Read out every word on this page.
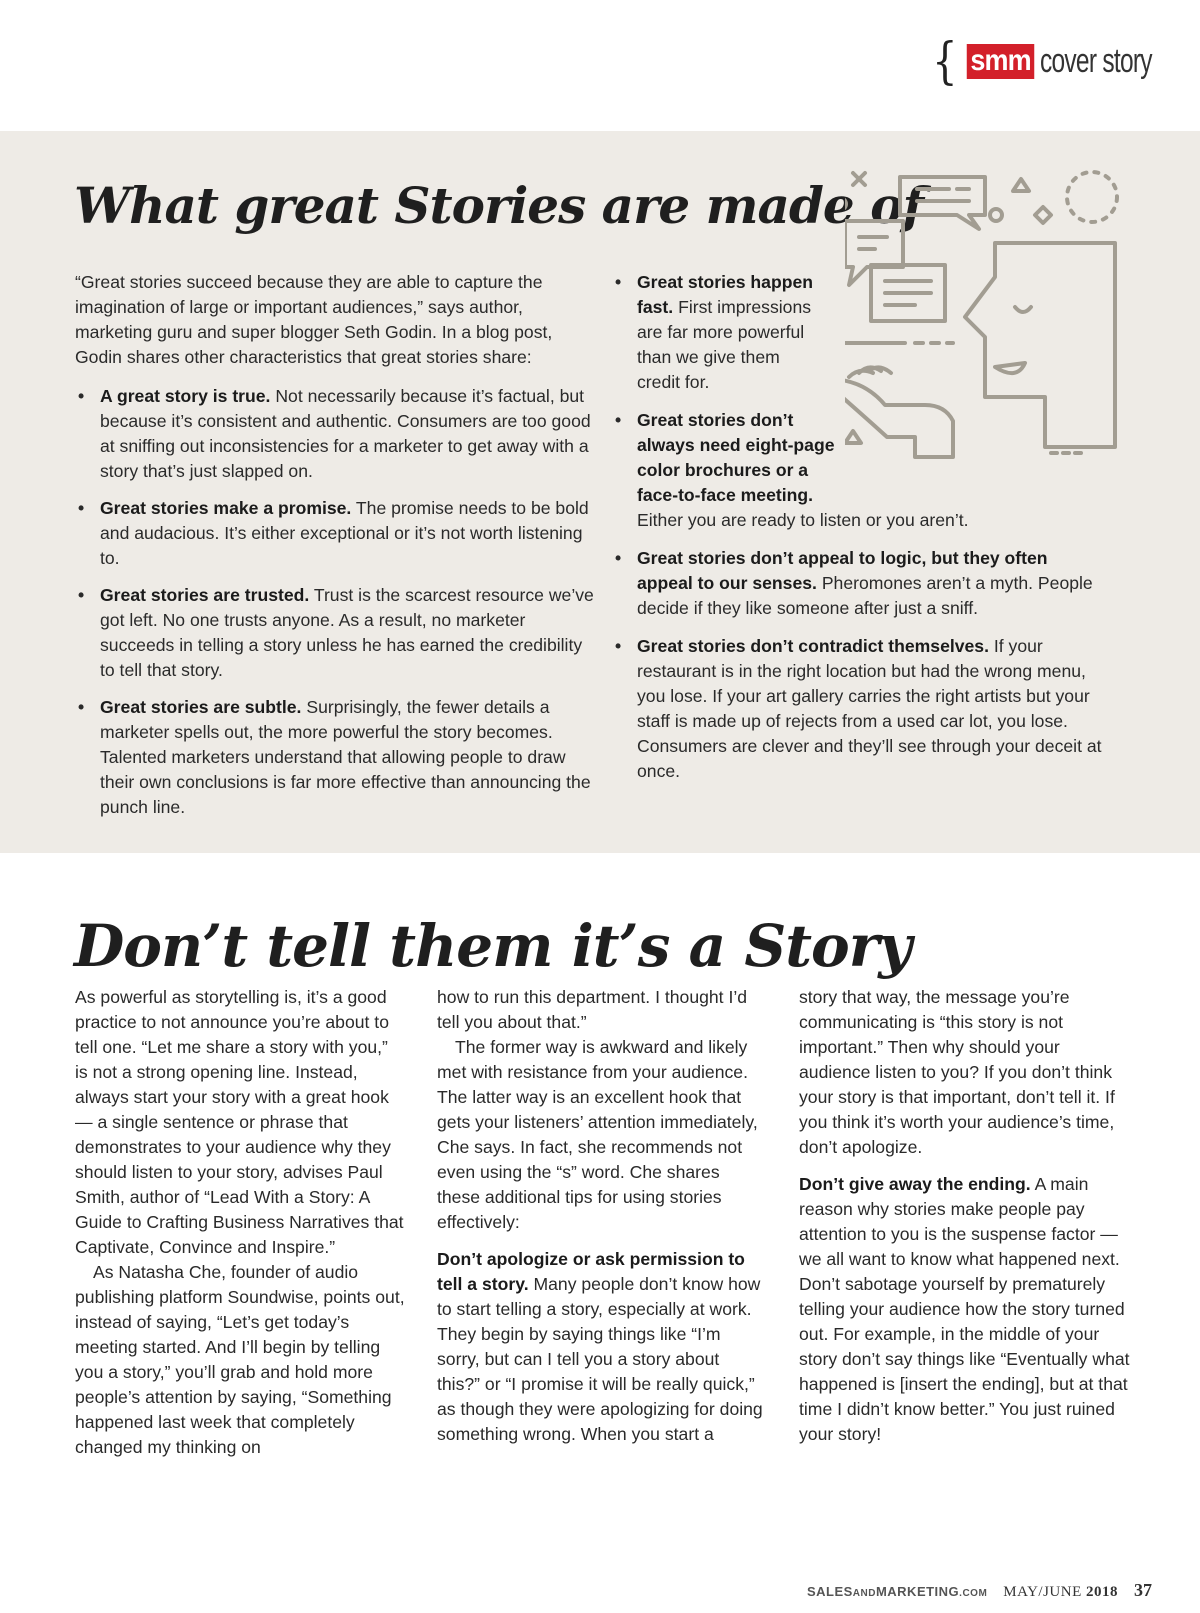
{ smm cover story
What great Stories are made of

“Great stories succeed because they are able to capture the imagination of large or important audiences,” says author, marketing guru and super blogger Seth Godin. In a blog post, Godin shares other characteristics that great stories share:

• A great story is true. Not necessarily because it’s factual, but because it’s consistent and authentic. Consumers are too good at sniffing out inconsistencies for a marketer to get away with a story that’s just slapped on.
• Great stories make a promise. The promise needs to be bold and audacious. It’s either exceptional or it’s not worth listening to.
• Great stories are trusted. Trust is the scarcest resource we’ve got left. No one trusts anyone. As a result, no marketer succeeds in telling a story unless he has earned the credibility to tell that story.
• Great stories are subtle. Surprisingly, the fewer details a marketer spells out, the more powerful the story becomes. Talented marketers understand that allowing people to draw their own conclusions is far more effective than announcing the punch line.
• Great stories happen fast. First impressions are far more powerful than we give them credit for.
• Great stories don’t always need eight-page color brochures or a face-to-face meeting.
Either you are ready to listen or you aren’t.
• Great stories don’t appeal to logic, but they often appeal to our senses. Pheromones aren’t a myth. People decide if they like someone after just a sniff.
• Great stories don’t contradict themselves. If your restaurant is in the right location but had the wrong menu, you lose. If your art gallery carries the right artists but your staff is made up of rejects from a used car lot, you lose. Consumers are clever and they’ll see through your deceit at once.
Don’t tell them it’s a Story

As powerful as storytelling is, it’s a good practice to not announce you’re about to tell one. “Let me share a story with you,” is not a strong opening line. Instead, always start your story with a great hook — a single sentence or phrase that demonstrates to your audience why they should listen to your story, advises Paul Smith, author of “Lead With a Story: A Guide to Crafting Business Narratives that Captivate, Convince and Inspire.”

As Natasha Che, founder of audio publishing platform Soundwise, points out, instead of saying, “Let’s get today’s meeting started. And I’ll begin by telling you a story,” you’ll grab and hold more people’s attention by saying, “Something happened last week that completely changed my thinking on

how to run this department. I thought I’d tell you about that.”

The former way is awkward and likely met with resistance from your audience. The latter way is an excellent hook that gets your listeners’ attention immediately, Che says. In fact, she recommends not even using the “s” word. Che shares these additional tips for using stories effectively:

Don’t apologize or ask permission to tell a story. Many people don’t know how to start telling a story, especially at work. They begin by saying things like “I’m sorry, but can I tell you a story about this?” or “I promise it will be really quick,” as though they were apologizing for doing something wrong. When you start a

story that way, the message you’re communicating is “this story is not important.” Then why should your audience listen to you? If you don’t think your story is that important, don’t tell it. If you think it’s worth your audience’s time, don’t apologize.

Don’t give away the ending. A main reason why stories make people pay attention to you is the suspense factor — we all want to know what happened next. Don’t sabotage yourself by prematurely telling your audience how the story turned out. For example, in the middle of your story don’t say things like “Eventually what happened is [insert the ending], but at that time I didn’t know better.” You just ruined your story!

SALESANDMARKETING.COM MAY/JUNE 2018 37
